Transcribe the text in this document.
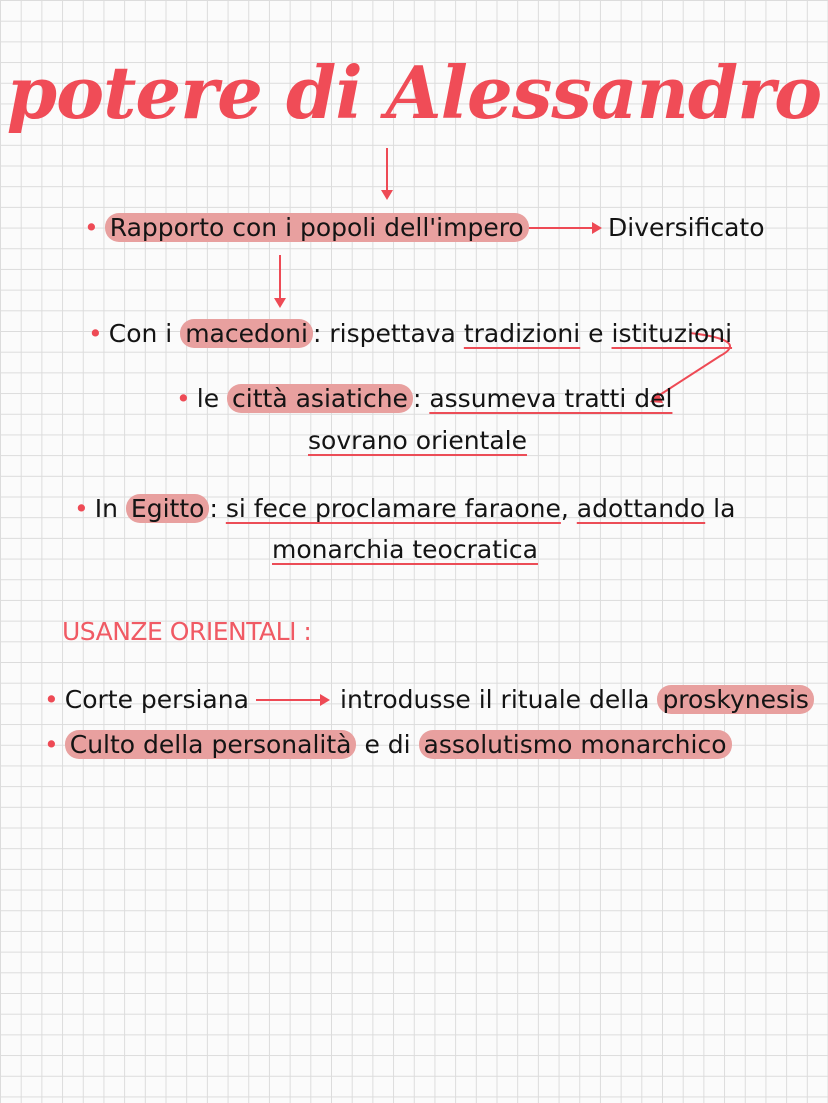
potere di Alessandro
• Rapporto con i popoli dell'impero	Diversificato
• Con i macedoni : rispettava tradizioni e istituzioni
• le città asiatiche : assumeva tratti del
sovrano orientale
• In Egitto : si fece proclamare faraone, adottando la
monarchia teocratica
USANZE ORIENTALI :
• Corte persiana	introdusse il rituale della proskynesis
• Culto della personalità e di assolutismo monarchico
